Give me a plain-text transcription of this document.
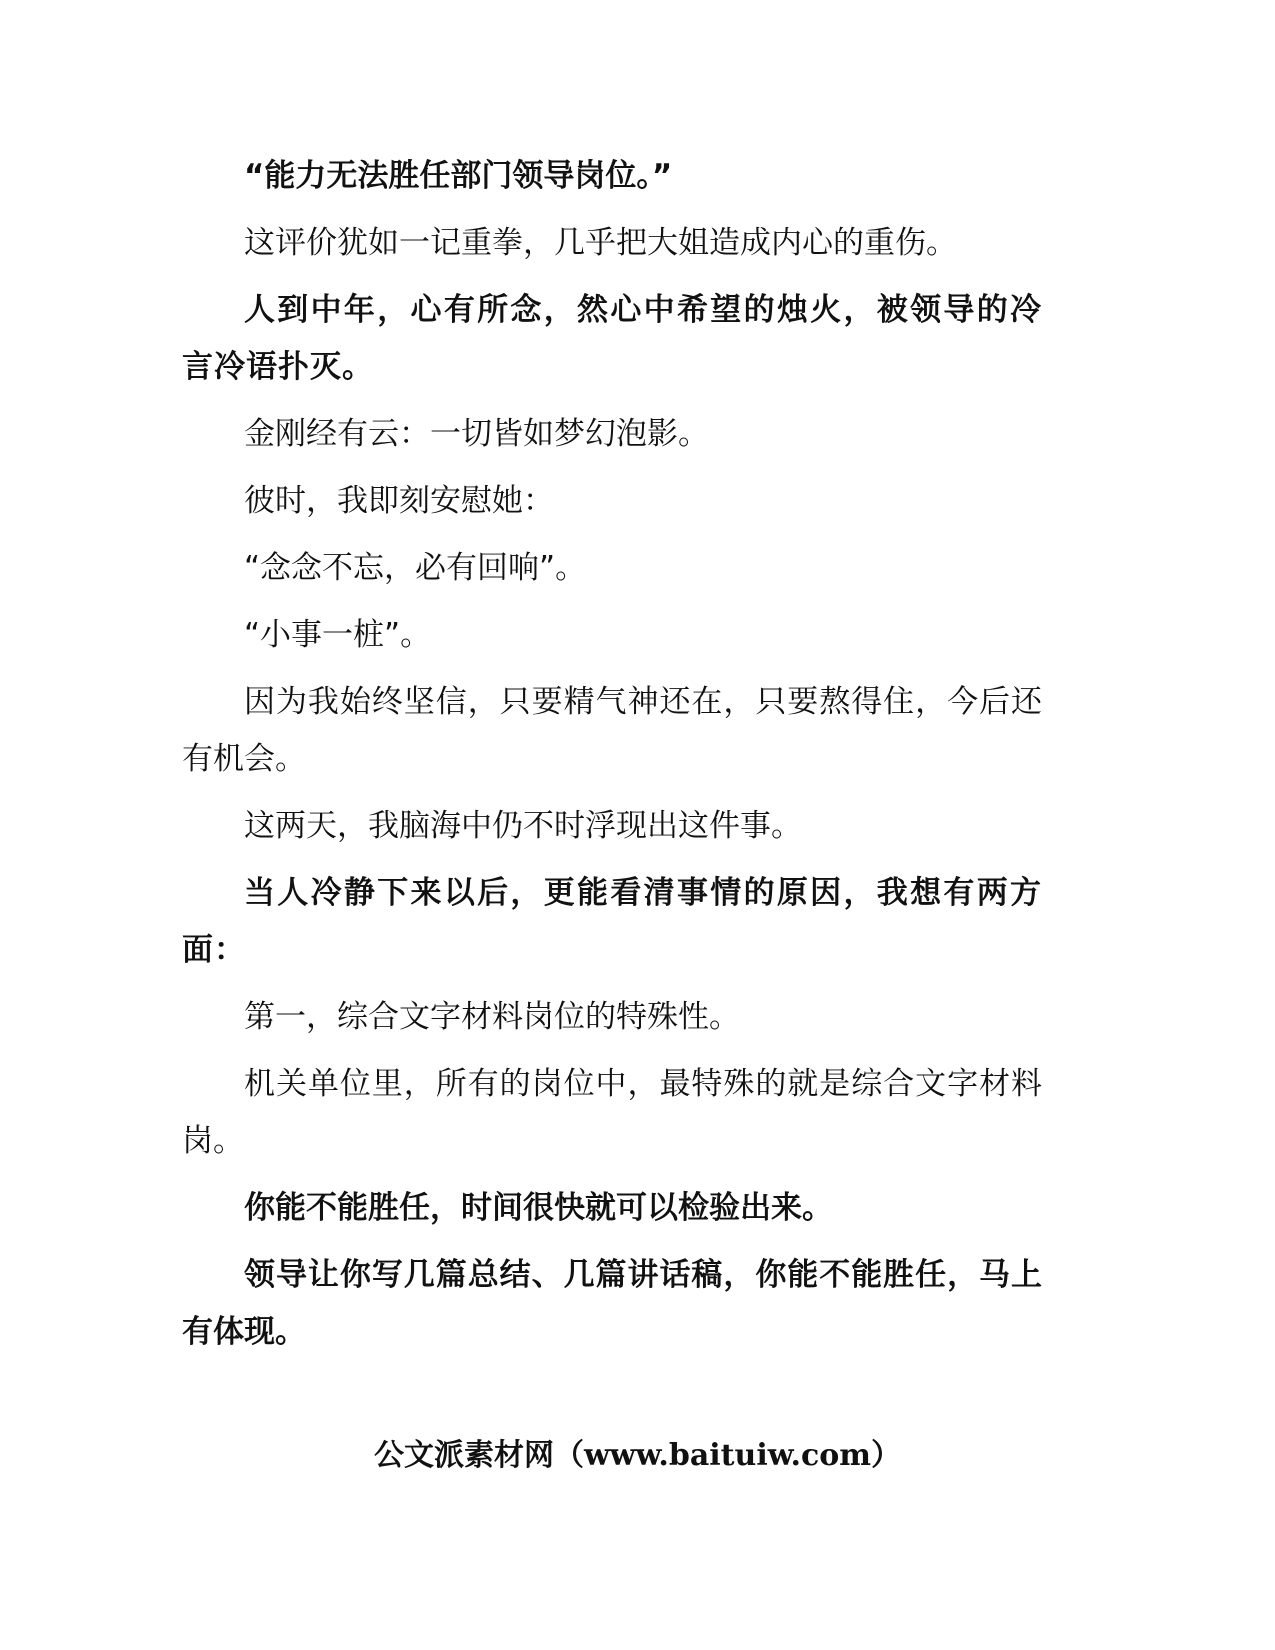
“能力无法胜任部门领导岗位。”

这评价犹如一记重拳，几乎把大姐造成内心的重伤。

人到中年，心有所念，然心中希望的烛火，被领导的冷言冷语扑灭。

金刚经有云：一切皆如梦幻泡影。

彼时，我即刻安慰她：

“念念不忘，必有回响”。

“小事一桩”。

因为我始终坚信，只要精气神还在，只要熬得住，今后还有机会。

这两天，我脑海中仍不时浮现出这件事。

当人冷静下来以后，更能看清事情的原因，我想有两方面：

第一，综合文字材料岗位的特殊性。

机关单位里，所有的岗位中，最特殊的就是综合文字材料岗。

你能不能胜任，时间很快就可以检验出来。

领导让你写几篇总结、几篇讲话稿，你能不能胜任，马上有体现。

公文派素材网（www.baituiw.com）
